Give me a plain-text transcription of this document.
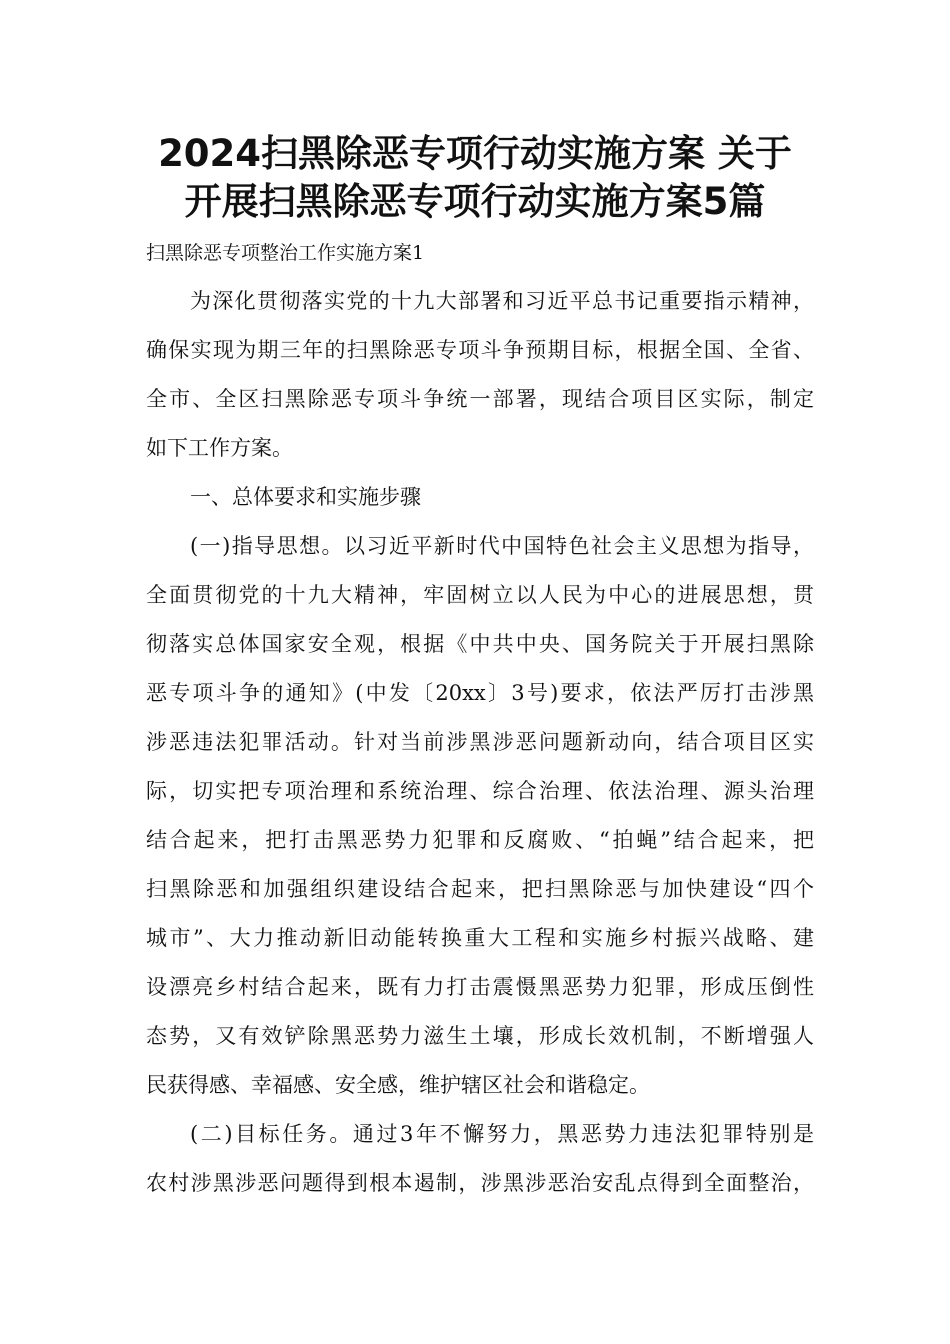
2024扫黑除恶专项行动实施方案 关于
开展扫黑除恶专项行动实施方案5篇
扫黑除恶专项整治工作实施方案1
为深化贯彻落实党的十九大部署和习近平总书记重要指示精神，
确保实现为期三年的扫黑除恶专项斗争预期目标，根据全国、全省、
全市、全区扫黑除恶专项斗争统一部署，现结合项目区实际，制定
如下工作方案。
一、总体要求和实施步骤
(一)指导思想。以习近平新时代中国特色社会主义思想为指导，
全面贯彻党的十九大精神，牢固树立以人民为中心的进展思想，贯
彻落实总体国家安全观，根据《中共中央、国务院关于开展扫黑除
恶专项斗争的通知》(中发〔20xx〕3号)要求，依法严厉打击涉黑
涉恶违法犯罪活动。针对当前涉黑涉恶问题新动向，结合项目区实
际，切实把专项治理和系统治理、综合治理、依法治理、源头治理
结合起来，把打击黑恶势力犯罪和反腐败、“拍蝇”结合起来，把
扫黑除恶和加强组织建设结合起来，把扫黑除恶与加快建设“四个
城市”、大力推动新旧动能转换重大工程和实施乡村振兴战略、建
设漂亮乡村结合起来，既有力打击震慑黑恶势力犯罪，形成压倒性
态势，又有效铲除黑恶势力滋生土壤，形成长效机制，不断增强人
民获得感、幸福感、安全感，维护辖区社会和谐稳定。
(二)目标任务。通过3年不懈努力，黑恶势力违法犯罪特别是
农村涉黑涉恶问题得到根本遏制，涉黑涉恶治安乱点得到全面整治，
